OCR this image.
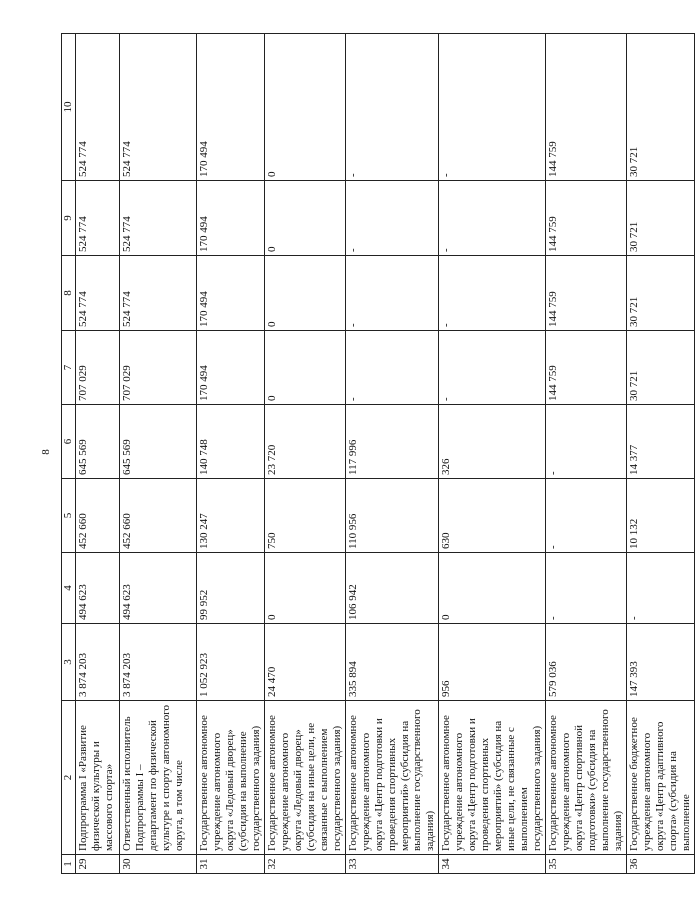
8
1	2	3	4	5	6	7	8	9	10
29	Подпрограмма I «Развитие физической культуры и массового спорта»	3 874 203	494 623	452 660	645 569	707 029	524 774	524 774	524 774
30	Ответственный исполнитель Подпрограммы I – департамент по физической культуре и спорту автономного округа, в том числе	3 874 203	494 623	452 660	645 569	707 029	524 774	524 774	524 774
31	Государственное автономное учреждение автономного округа «Ледовый дворец» (субсидия на выполнение государственного задания)	1 052 923	99 952	130 247	140 748	170 494	170 494	170 494	170 494
32	Государственное автономное учреждение автономного округа «Ледовый дворец» (субсидия на иные цели, не связанные с выполнением государственного задания)	24 470	0	750	23 720	0	0	0	0
33	Государственное автономное учреждение автономного округа «Центр подготовки и проведения спортивных мероприятий» (субсидия на выполнение государственного задания)	335 894	106 942	110 956	117 996	-	-	-	-
34	Государственное автономное учреждение автономного округа «Центр подготовки и проведения спортивных мероприятий» (субсидия на иные цели, не связанные с выполнением государственного задания)	956	0	630	326	-	-	-	-
35	Государственное автономное учреждение автономного округа «Центр спортивной подготовки» (субсидия на выполнение государственного задания)	579 036	-	-	-	144 759	144 759	144 759	144 759
36	Государственное бюджетное учреждение автономного округа «Центр адаптивного спорта» (субсидия на выполнение	147 393	-	10 132	14 377	30 721	30 721	30 721	30 721
